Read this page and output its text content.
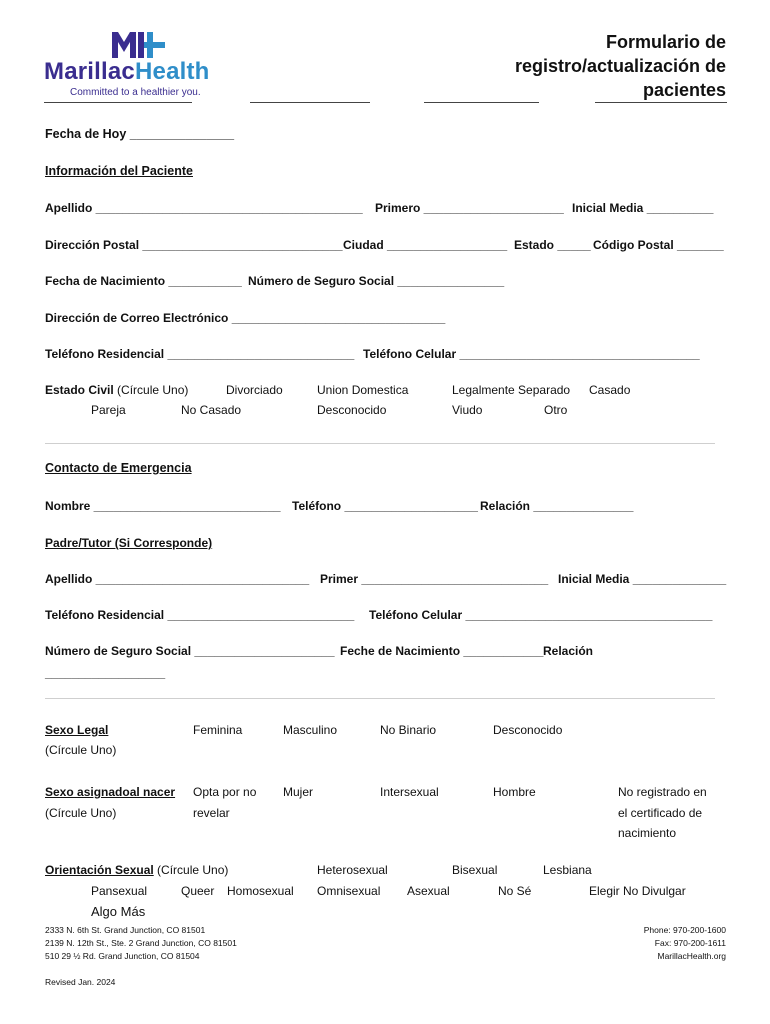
MarillacHealth
Committed to a healthier you.
Formulario de
registro/actualización de
pacientes
Fecha de Hoy _______________
Información del Paciente
Apellido ________________________________________ Primero _____________________ Inicial Media __________
Dirección Postal ______________________________ Ciudad __________________ Estado _____ Código Postal _______
Fecha de Nacimiento ___________ Número de Seguro Social ________________
Dirección de Correo Electrónico ________________________________
Teléfono Residencial ____________________________ Teléfono Celular ____________________________________
Estado Civil (Círcule Uno)	Divorciado	Union Domestica	Legalmente Separado Casado
Pareja	No Casado	Desconocido	Viudo	Otro
Contacto de Emergencia
Nombre ____________________________ Teléfono ____________________ Relación _______________
Padre/Tutor (Si Corresponde)
Apellido ________________________________ Primer ____________________________ Inicial Media ______________
Teléfono Residencial ____________________________ Teléfono Celular _____________________________________
Número de Seguro Social _____________________ Feche de Nacimiento ____________ Relación
__________________
Sexo Legal
(Círcule Uno)
Feminina	Masculino	No Binario	Desconocido
Sexo asignadoal nacer
(Círcule Uno)
Opta por no
revelar
Mujer	Intersexual	Hombre	No registrado en
el certificado de
nacimiento
Orientación Sexual (Círcule Uno)	Heterosexual	Bisexual	Lesbiana
Pansexual	Queer Homosexual Omnisexual Asexual	No Sé	Elegir No Divulgar
Algo Más
2333 N. 6th St. Grand Junction, CO 81501
2139 N. 12th St., Ste. 2 Grand Junction, CO 81501
510 29 ½ Rd. Grand Junction, CO 81504
Phone: 970-200-1600
Fax: 970-200-1611
MarillacHealth.org
Revised Jan. 2024
